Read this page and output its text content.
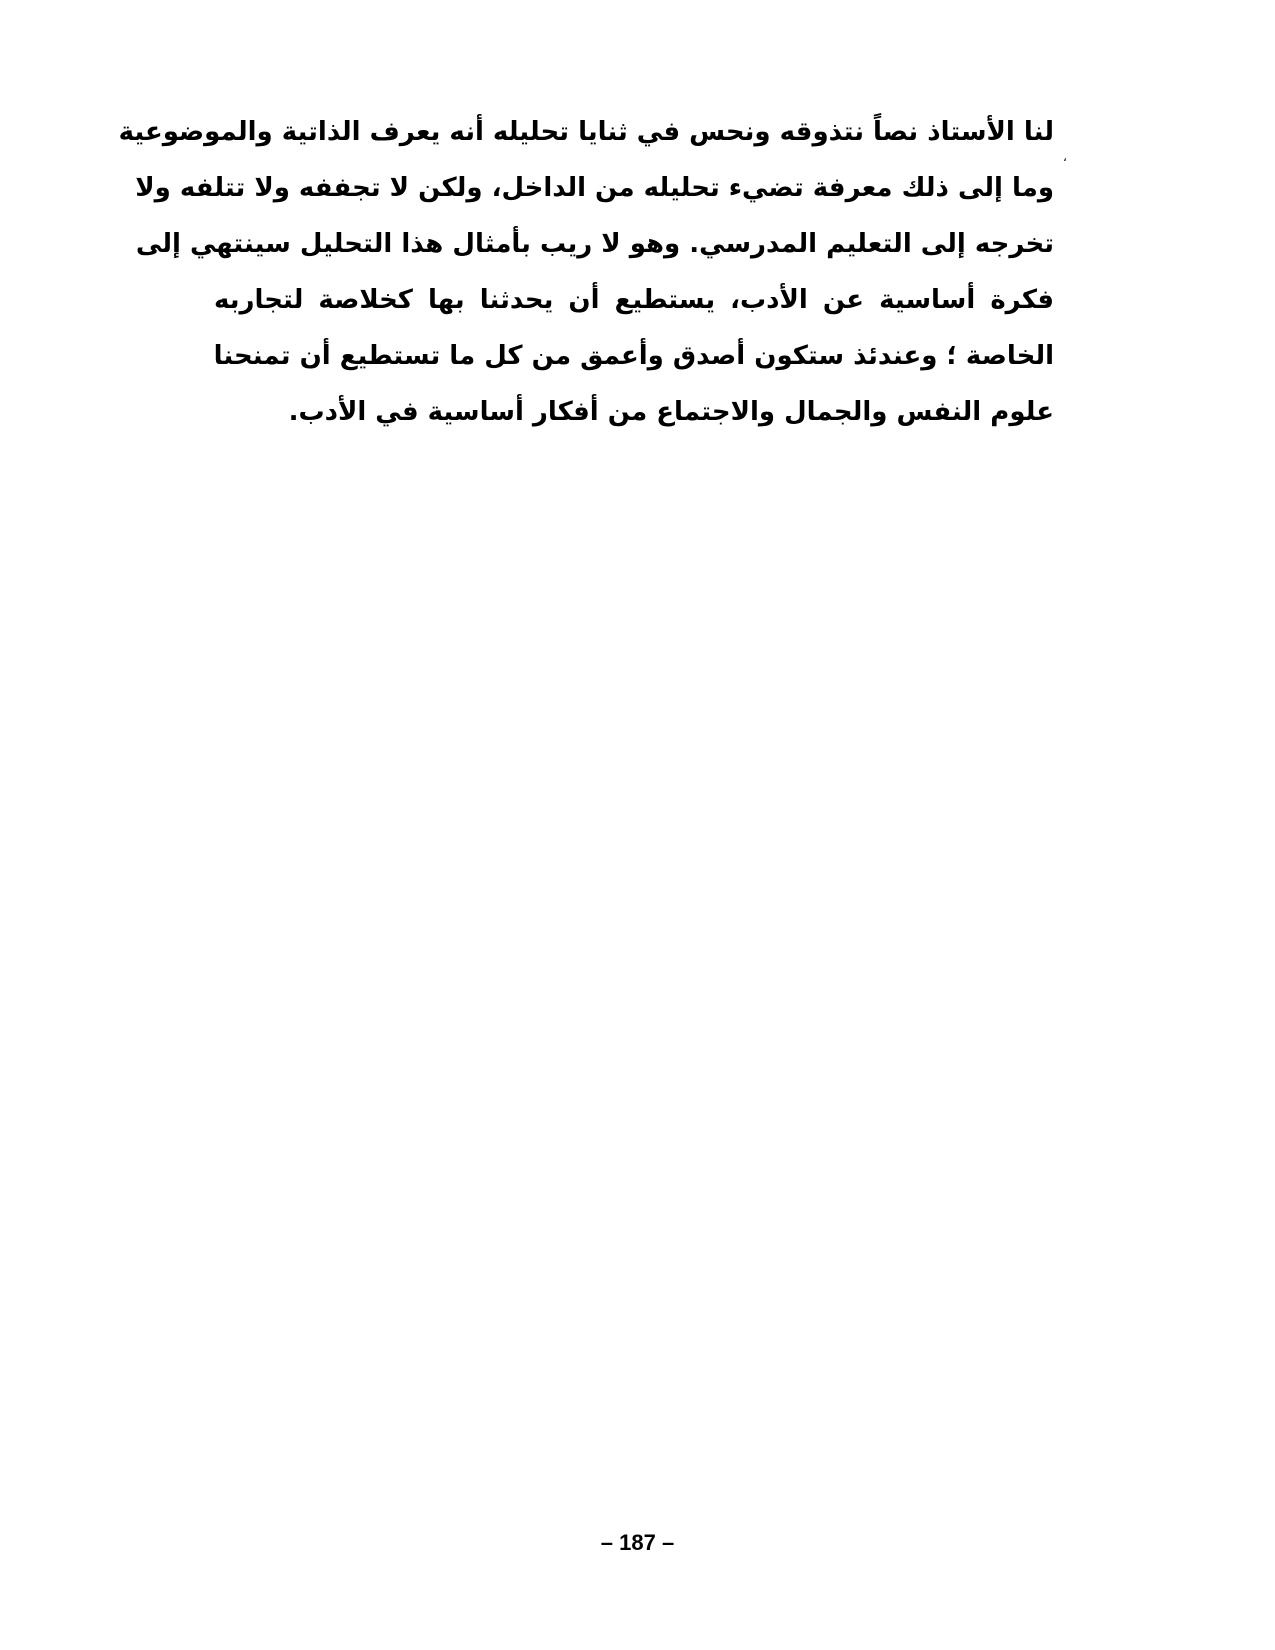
لنا الأستاذ نصاً نتذوقه ونحس في ثنايا تحليله أنه يعرف الذاتية والموضوعية
وما إلى ذلك معرفة تضيء تحليله من الداخل، ولكن لا تجففه ولا تتلفه ولا
تخرجه إلى التعليم المدرسي. وهو لا ريب بأمثال هذا التحليل سينتهي إلى
فكرة أساسية عن الأدب، يستطيع أن يحدثنا بها كخلاصة لتجاربه
الخاصة ؛ وعندئذ ستكون أصدق وأعمق من كل ما تستطيع أن تمنحنا
علوم النفس والجمال والاجتماع من أفكار أساسية في الأدب.
،
– 187 –
